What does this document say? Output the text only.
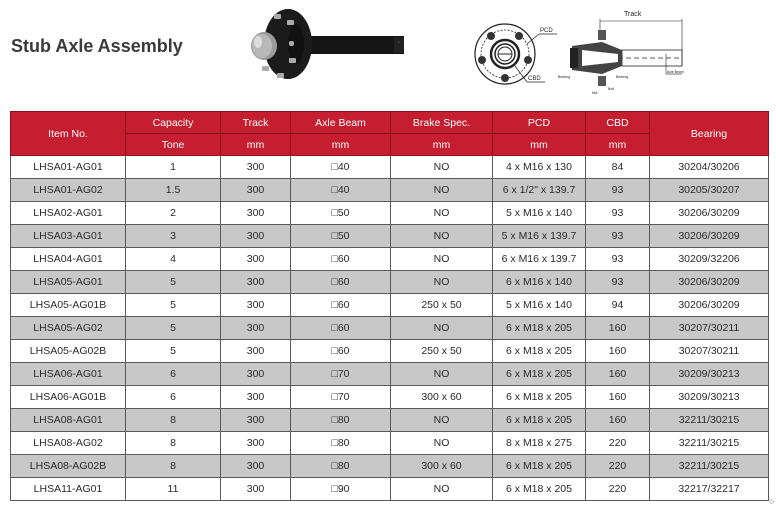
Stub Axle Assembly
PCD
CBD
Track
Axle Beam
Bearing	Bearing
Nut
Bolt
Item No.	Capacity	Track	Axle Beam	Brake Spec.	PCD	CBD	Bearing
	Tone	mm	mm	mm	mm	mm	
LHSA01-AG01	1	300	□40	NO	4 x M16 x 130	84	30204/30206
LHSA01-AG02	1.5	300	□40	NO	6 x 1/2" x 139.7	93	30205/30207
LHSA02-AG01	2	300	□50	NO	5 x M16 x 140	93	30206/30209
LHSA03-AG01	3	300	□50	NO	5 x M16 x 139.7	93	30206/30209
LHSA04-AG01	4	300	□60	NO	6 x M16 x 139.7	93	30209/32206
LHSA05-AG01	5	300	□60	NO	6 x M16 x 140	93	30206/30209
LHSA05-AG01B	5	300	□60	250 x 50	5 x M16 x 140	94	30206/30209
LHSA05-AG02	5	300	□60	NO	6 x M18 x 205	160	30207/30211
LHSA05-AG02B	5	300	□60	250 x 50	6 x M18 x 205	160	30207/30211
LHSA06-AG01	6	300	□70	NO	6 x M18 x 205	160	30209/30213
LHSA06-AG01B	6	300	□70	300 x 60	6 x M18 x 205	160	30209/30213
LHSA08-AG01	8	300	□80	NO	6 x M18 x 205	160	32211/30215
LHSA08-AG02	8	300	□80	NO	8 x M18 x 275	220	32211/30215
LHSA08-AG02B	8	300	□80	300 x 60	6 x M18 x 205	220	32211/30215
LHSA11-AG01	11	300	□90	NO	6 x M18 x 205	220	32217/32217
○
